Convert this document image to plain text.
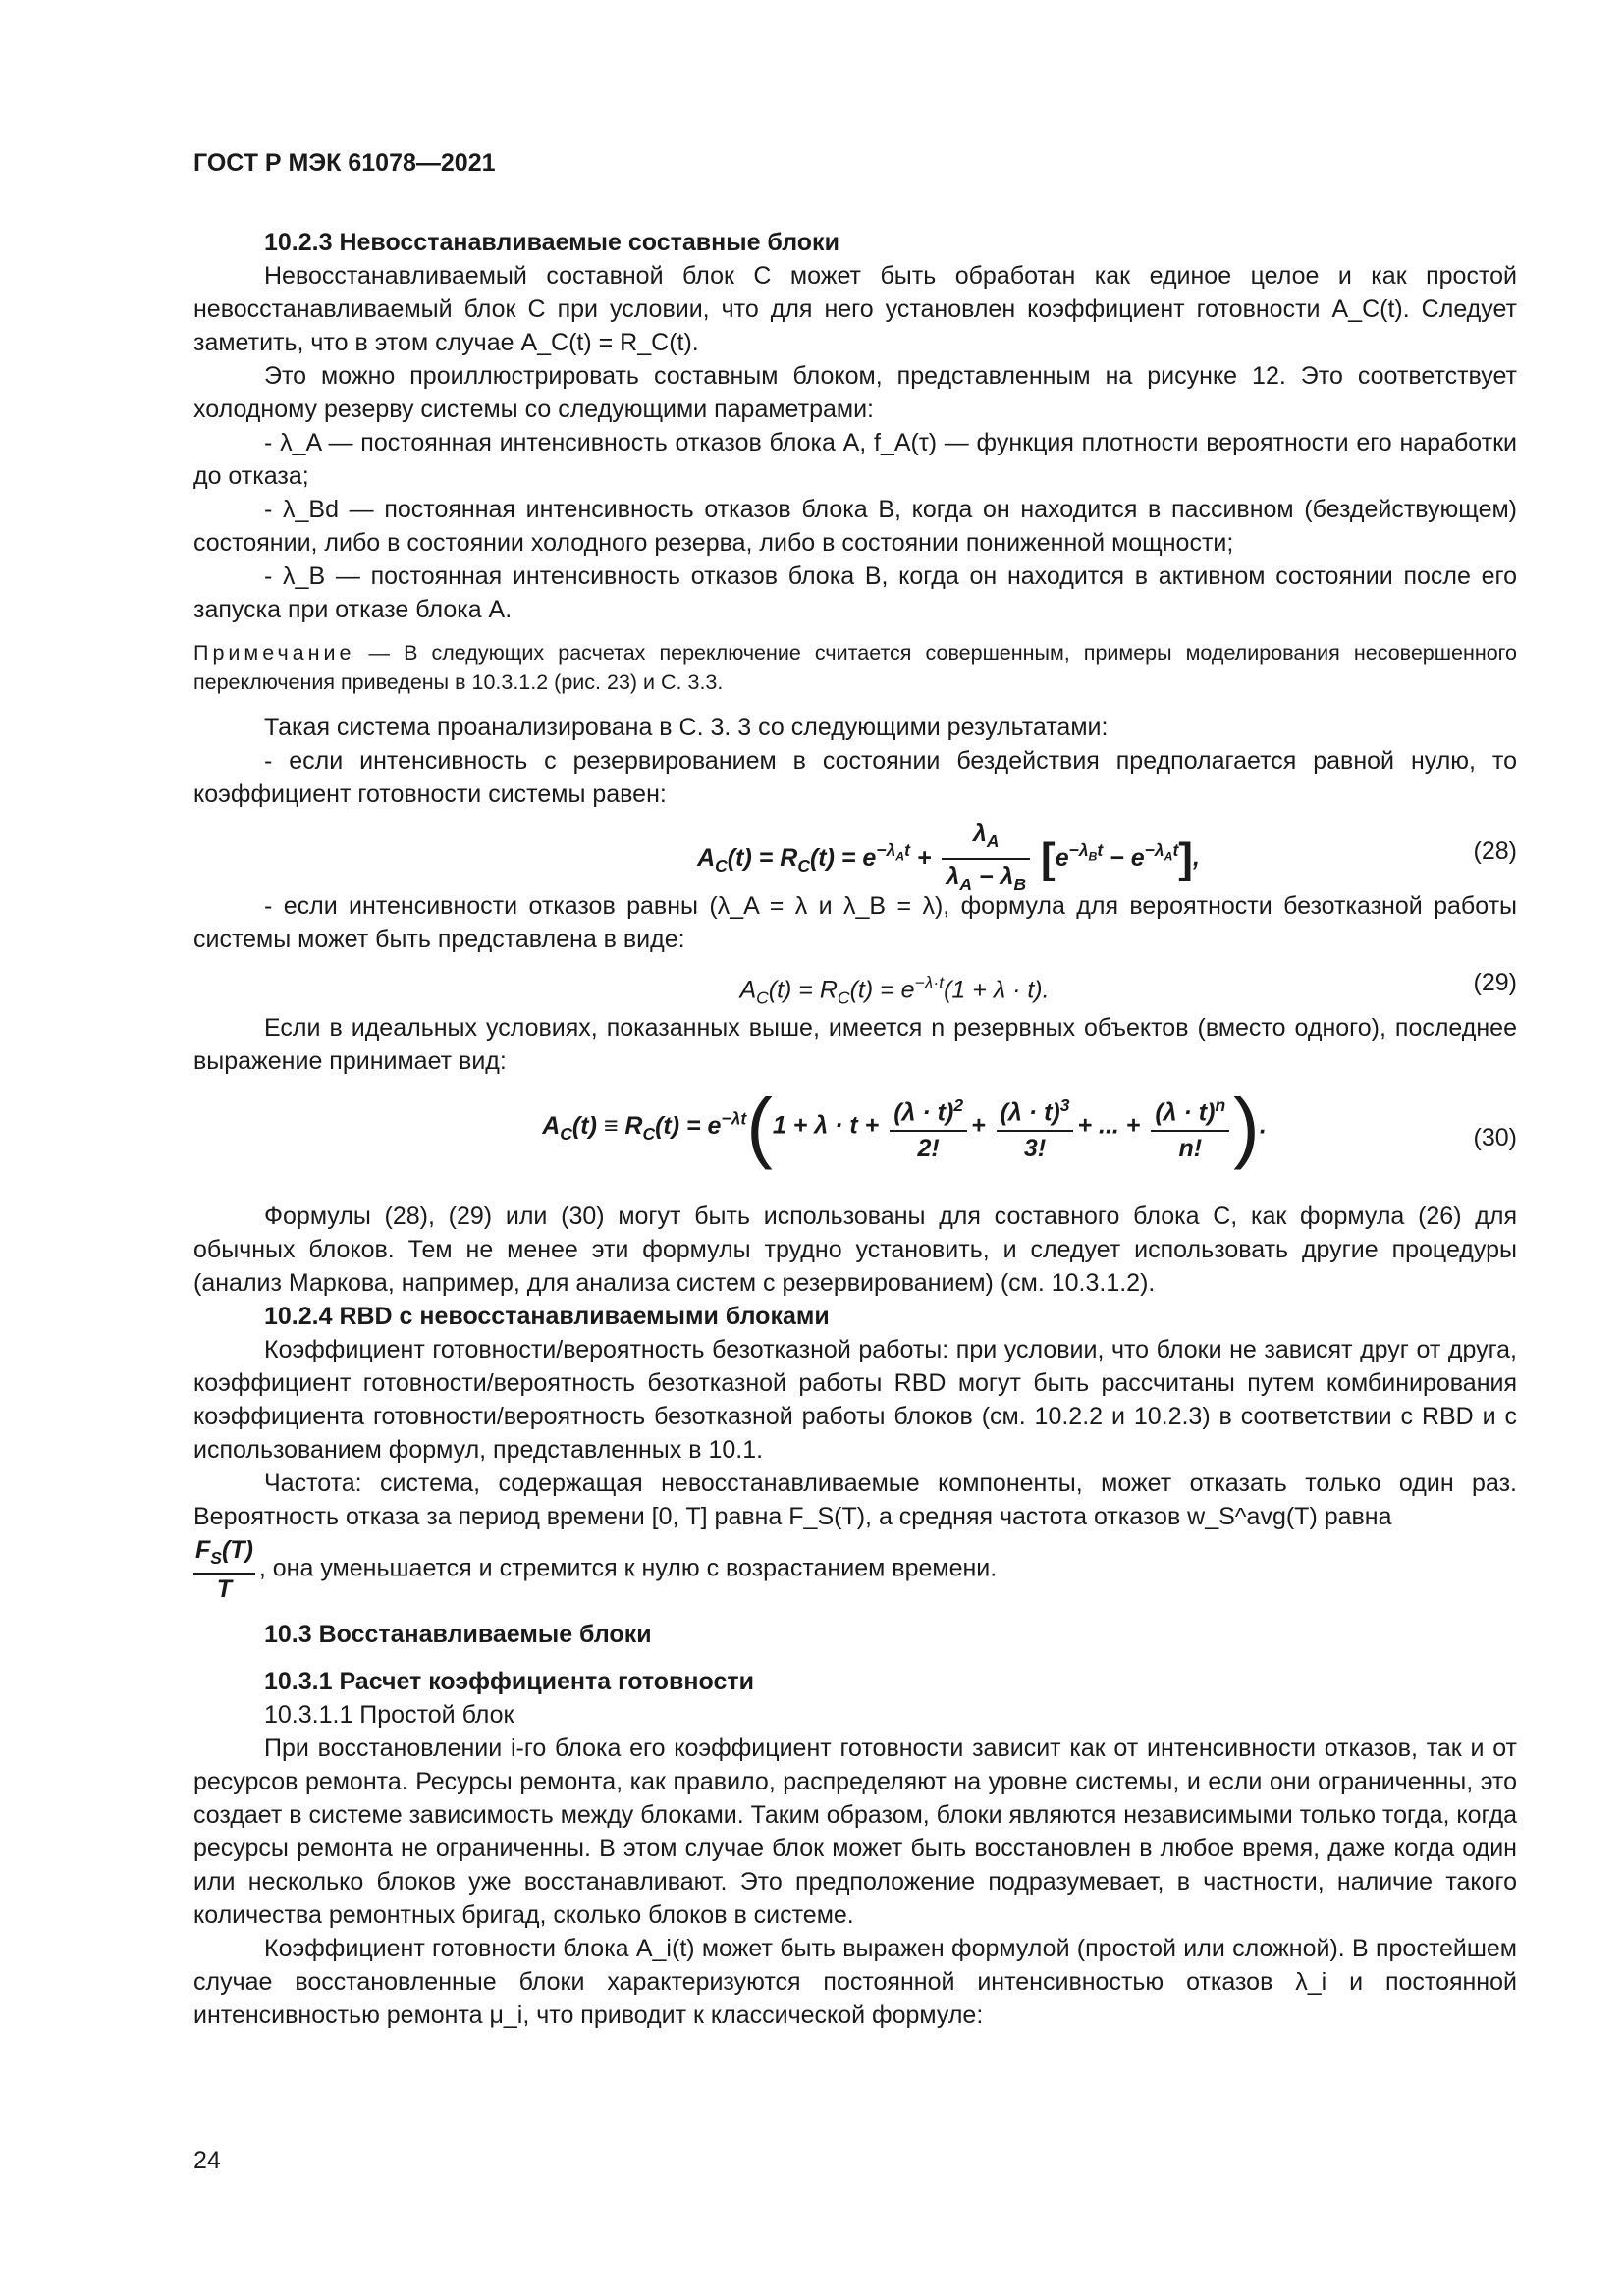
ГОСТ Р МЭК 61078—2021
10.2.3 Невосстанавливаемые составные блоки

Невосстанавливаемый составной блок С может быть обработан как единое целое и как простой невосстанавливаемый блок С при условии, что для него установлен коэффициент готовности A_C(t). Следует заметить, что в этом случае A_C(t) = R_C(t).

Это можно проиллюстрировать составным блоком, представленным на рисунке 12. Это соответствует холодному резерву системы со следующими параметрами:

- λ_A — постоянная интенсивность отказов блока А, f_A(τ) — функция плотности вероятности его наработки до отказа;

- λ_Bd — постоянная интенсивность отказов блока В, когда он находится в пассивном (бездействующем) состоянии, либо в состоянии холодного резерва, либо в состоянии пониженной мощности;

- λ_B — постоянная интенсивность отказов блока В, когда он находится в активном состоянии после его запуска при отказе блока А.

Примечание — В следующих расчетах переключение считается совершенным, примеры моделирования несовершенного переключения приведены в 10.3.1.2 (рис. 23) и С. 3.3.

Такая система проанализирована в С. 3. 3 со следующими результатами:

- если интенсивность с резервированием в состоянии бездействия предполагается равной нулю, то коэффициент готовности системы равен:

$A_C(t) = R_C(t) = e^{-\lambda_At} + \frac{\lambda_A}{\lambda_A - \lambda_B} [e^{-\lambda_Bt} - e^{-\lambda_At}]$,	(28)

- если интенсивности отказов равны (λ_A = λ и λ_B = λ), формула для вероятности безотказной работы системы может быть представлена в виде:

$A_C(t) = R_C(t) = e^{-\lambda\cdot t}(1 + \lambda \cdot t)$.	(29)

Если в идеальных условиях, показанных выше, имеется n резервных объектов (вместо одного), последнее выражение принимает вид:

$A_C(t) \equiv R_C(t) = e^{-\lambda t}(1 + \lambda \cdot t + \frac{(\lambda \cdot t)^2}{2!} + \frac{(\lambda \cdot t)^3}{3!}$ + ... + $\frac{(\lambda \cdot t)^n}{n!}$ ).	(30)

Формулы (28), (29) или (30) могут быть использованы для составного блока С, как формула (26) для обычных блоков. Тем не менее эти формулы трудно установить, и следует использовать другие процедуры (анализ Маркова, например, для анализа систем с резервированием) (см. 10.3.1.2).

10.2.4 RBD с невосстанавливаемыми блоками

Коэффициент готовности/вероятность безотказной работы: при условии, что блоки не зависят друг от друга, коэффициент готовности/вероятность безотказной работы RBD могут быть рассчитаны путем комбинирования коэффициента готовности/вероятность безотказной работы блоков (см. 10.2.2 и 10.2.3) в соответствии с RBD и с использованием формул, представленных в 10.1.

Частота: система, содержащая невосстанавливаемые компоненты, может отказать только один раз. Вероятность отказа за период времени [0, T] равна F_S(T), а средняя частота отказов w_S^avg(T) равна

$\frac{F_S(T)}{T}$ , она уменьшается и стремится к нулю с возрастанием времени.

10.3 Восстанавливаемые блоки
10.3.1 Расчет коэффициента готовности

10.3.1.1 Простой блок

При восстановлении i-го блока его коэффициент готовности зависит как от интенсивности отказов, так и от ресурсов ремонта. Ресурсы ремонта, как правило, распределяют на уровне системы, и если они ограниченны, это создает в системе зависимость между блоками. Таким образом, блоки являются независимыми только тогда, когда ресурсы ремонта не ограниченны. В этом случае блок может быть восстановлен в любое время, даже когда один или несколько блоков уже восстанавливают. Это предположение подразумевает, в частности, наличие такого количества ремонтных бригад, сколько блоков в системе.

Коэффициент готовности блока A_i(t) может быть выражен формулой (простой или сложной). В простейшем случае восстановленные блоки характеризуются постоянной интенсивностью отказов λ_i и постоянной интенсивностью ремонта μ_i, что приводит к классической формуле:

24
